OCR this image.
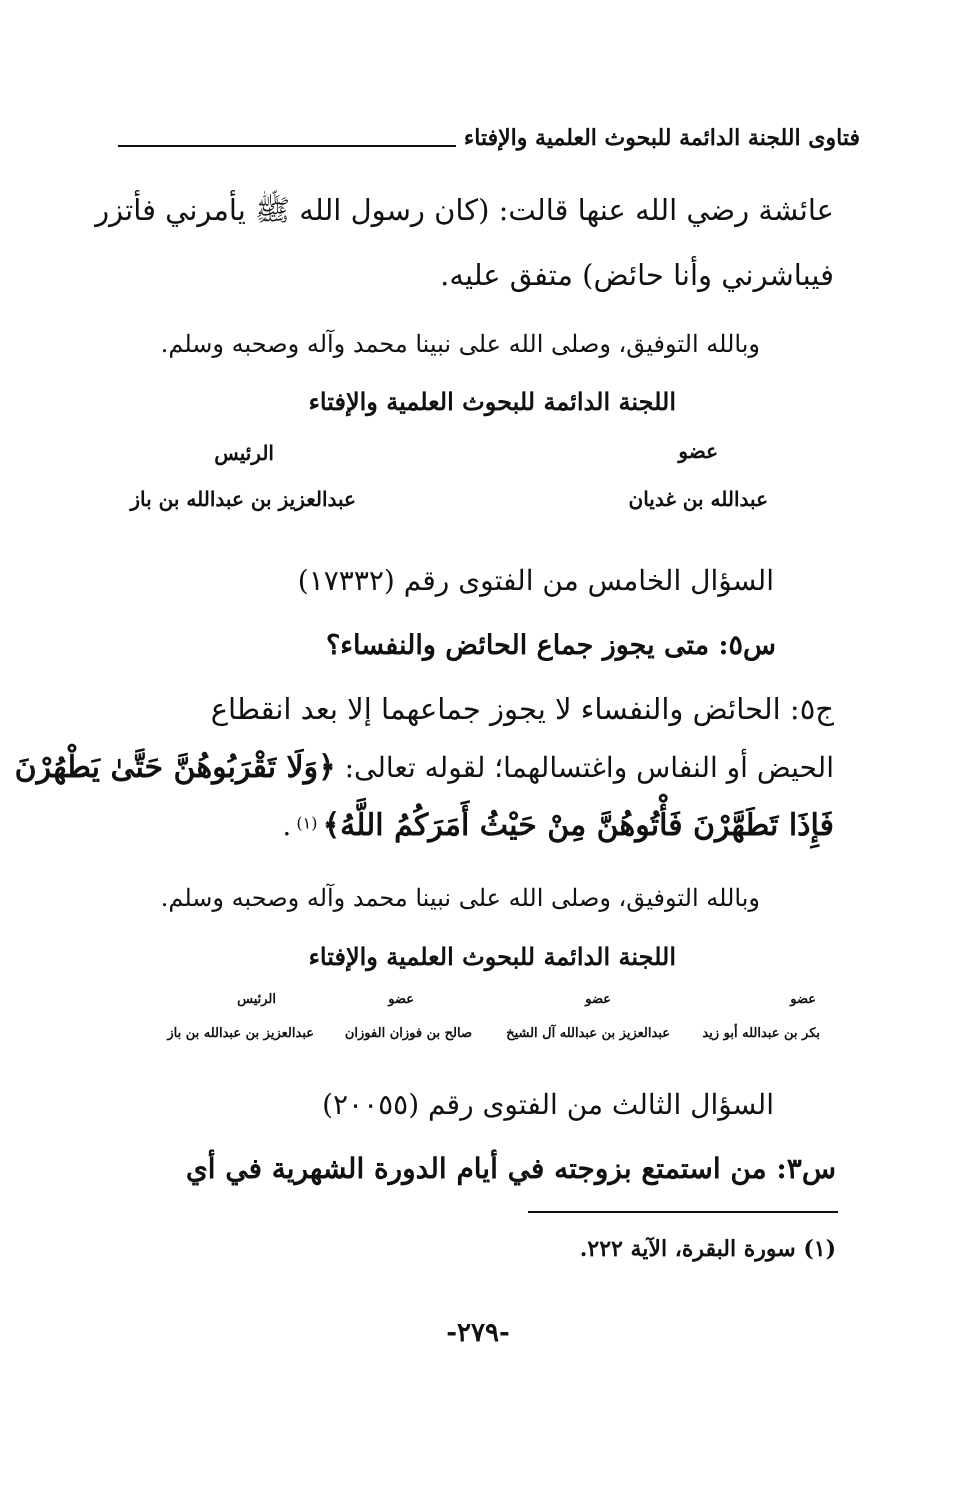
فتاوى اللجنة الدائمة للبحوث العلمية والإفتاء
عائشة رضي الله عنها قالت: (كان رسول الله ﷺ يأمرني فأتزر
فيباشرني وأنا حائض) متفق عليه.
وبالله التوفيق، وصلى الله على نبينا محمد وآله وصحبه وسلم.
اللجنة الدائمة للبحوث العلمية والإفتاء
عضو
الرئيس
عبدالله بن غديان
عبدالعزيز بن عبدالله بن باز
السؤال الخامس من الفتوى رقم (١٧٣٣٢)
س٥: متى يجوز جماع الحائض والنفساء؟
ج٥: الحائض والنفساء لا يجوز جماعهما إلا بعد انقطاع
الحيض أو النفاس واغتسالهما؛ لقوله تعالى: ﴿وَلَا تَقْرَبُوهُنَّ حَتَّىٰ يَطْهُرْنَ
فَإِذَا تَطَهَّرْنَ فَأْتُوهُنَّ مِنْ حَيْثُ أَمَرَكُمُ اللَّهُ﴾ $^{(١)}$ .
وبالله التوفيق، وصلى الله على نبينا محمد وآله وصحبه وسلم.
اللجنة الدائمة للبحوث العلمية والإفتاء
عضو
عضو
عضو
الرئيس
بكر بن عبدالله أبو زيد
عبدالعزيز بن عبدالله آل الشيخ
صالح بن فوزان الفوزان
عبدالعزيز بن عبدالله بن باز
السؤال الثالث من الفتوى رقم (٢٠٠٥٥)
س٣: من استمتع بزوجته في أيام الدورة الشهرية في أي
(١) سورة البقرة، الآية ٢٢٢.
-٢٧٩-
